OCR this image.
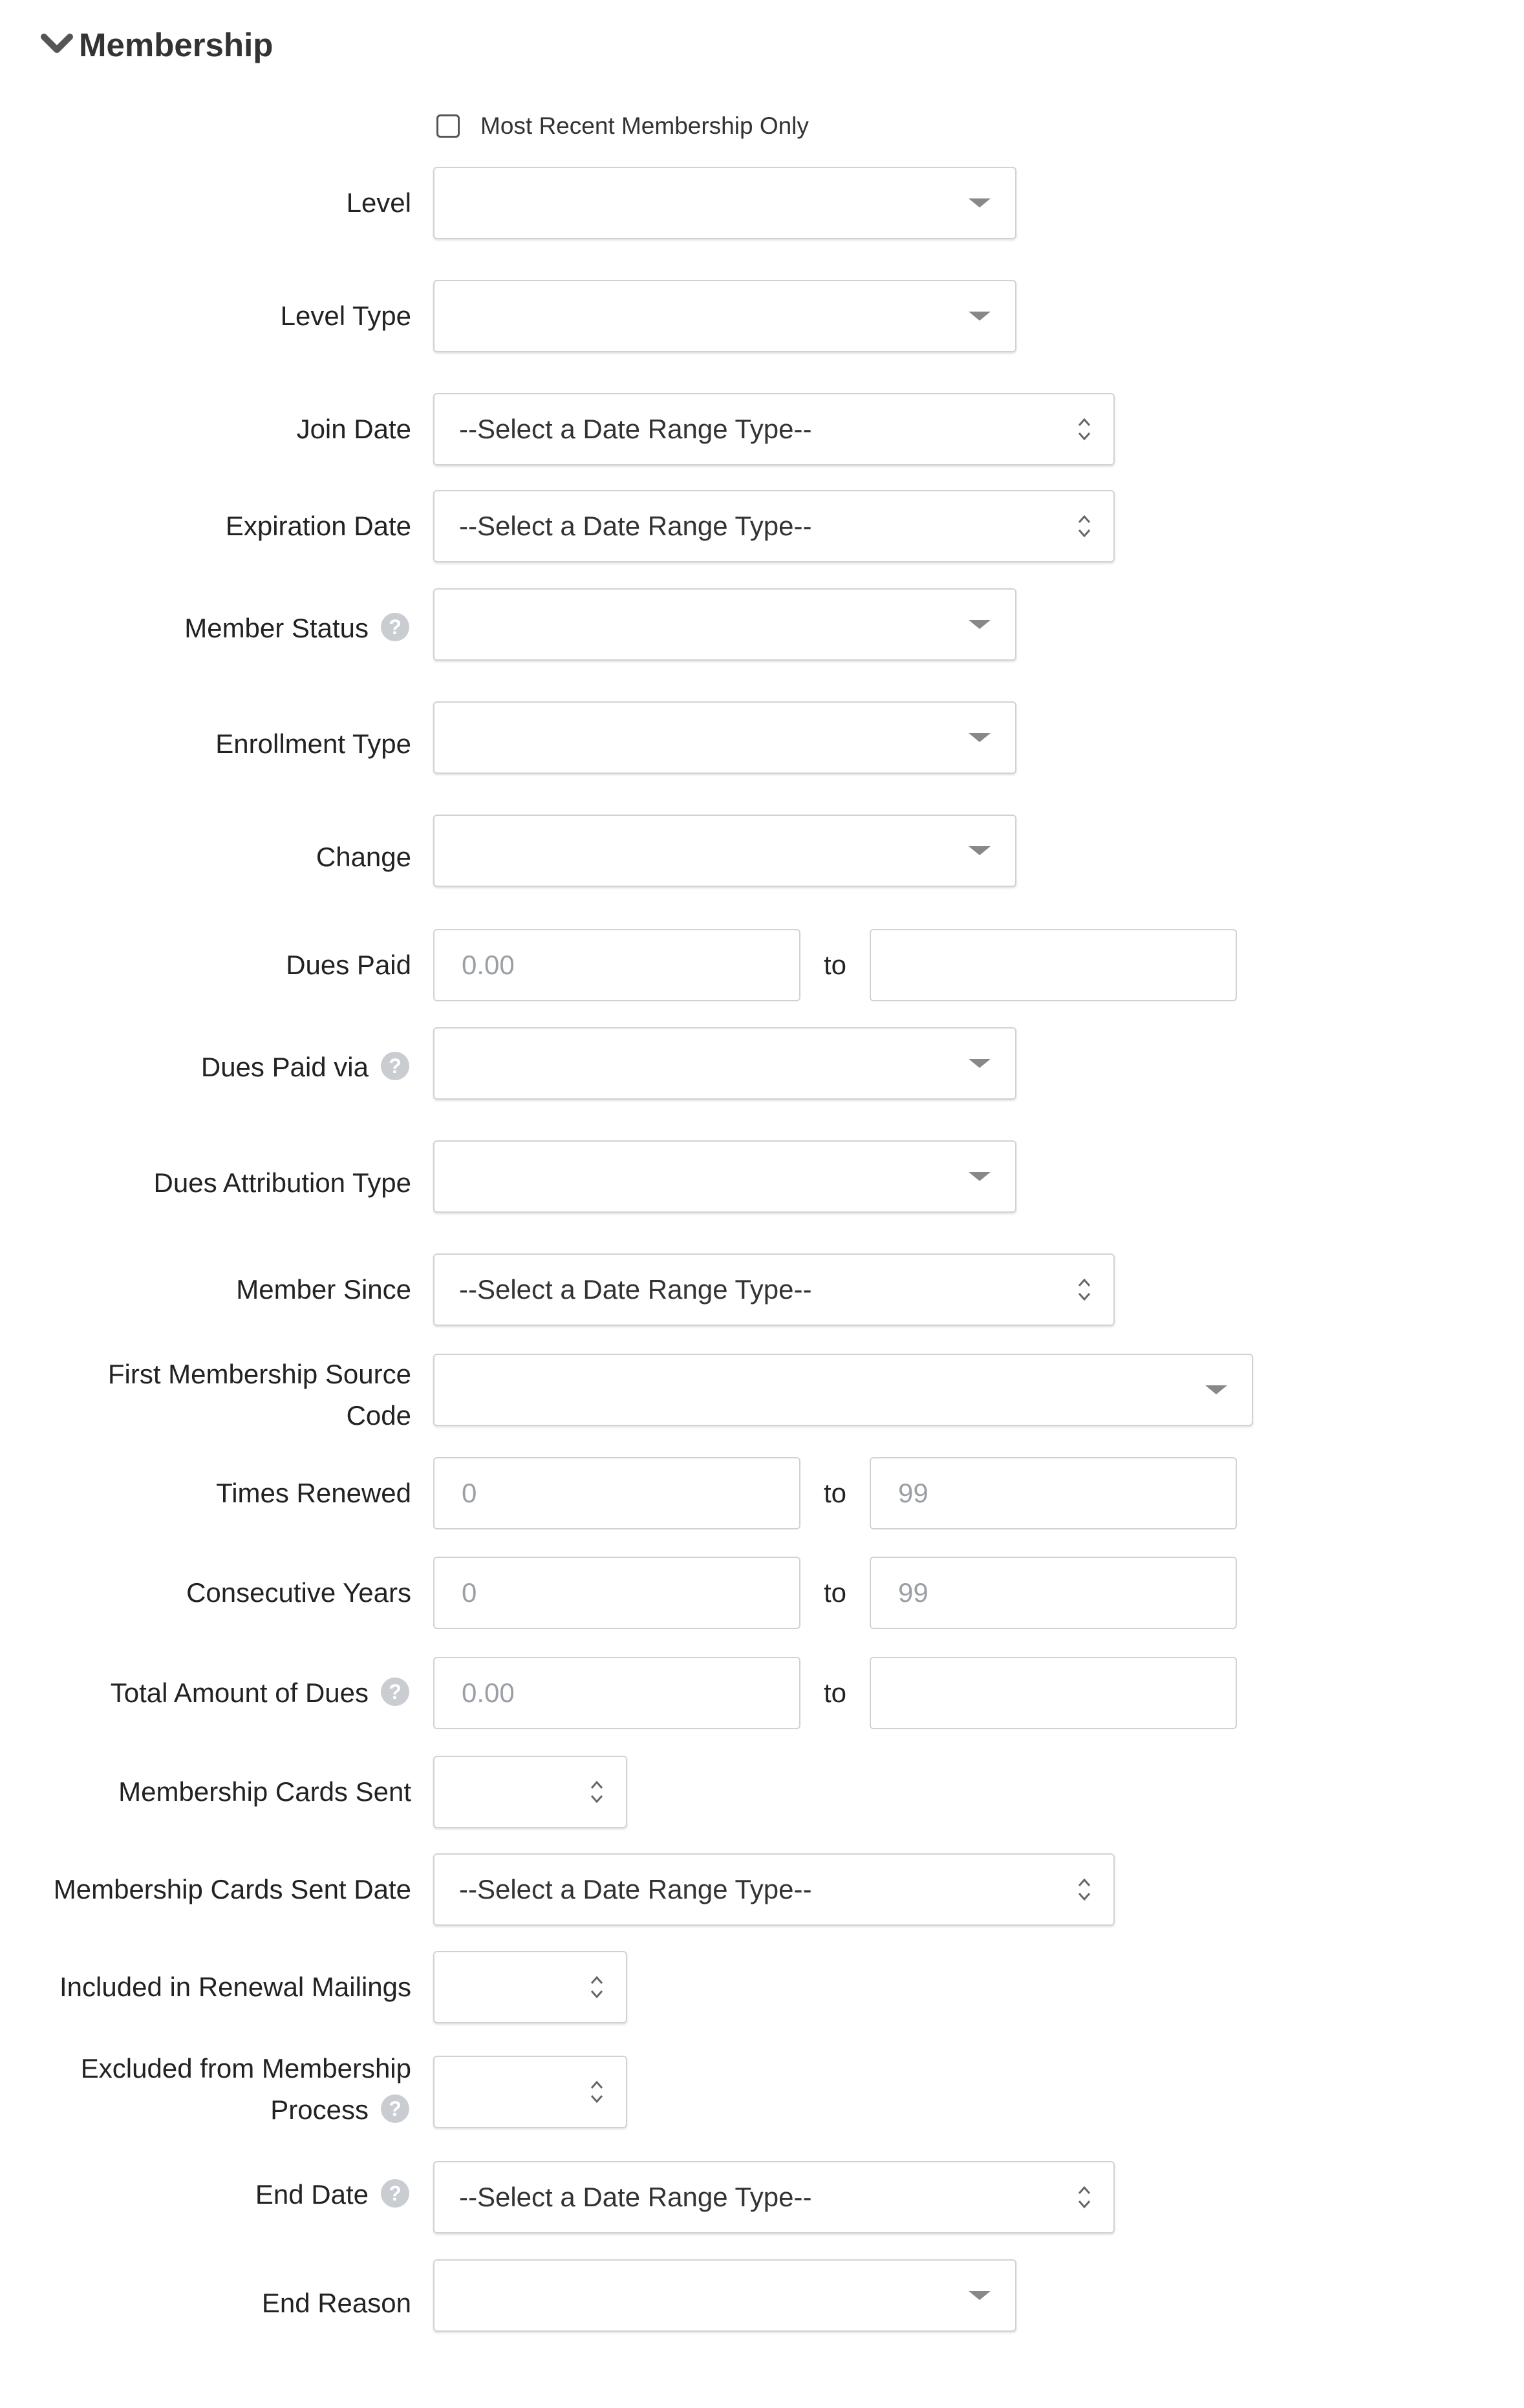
Membership
Most Recent Membership Only
Level
Level Type
Join Date --Select a Date Range Type--
Expiration Date --Select a Date Range Type--
Member Status ?
Enrollment Type
Change
Dues Paid 0.00	to
Dues Paid via ?
Dues Attribution Type
Member Since --Select a Date Range Type--
First Membership Source
Code
Times Renewed 0	to 99
Consecutive Years 0	to 99
Total Amount of Dues ? 0.00	to
Membership Cards Sent
Membership Cards Sent Date --Select a Date Range Type--
Included in Renewal Mailings
Excluded from Membership
Process ?
End Date ? --Select a Date Range Type--
End Reason
